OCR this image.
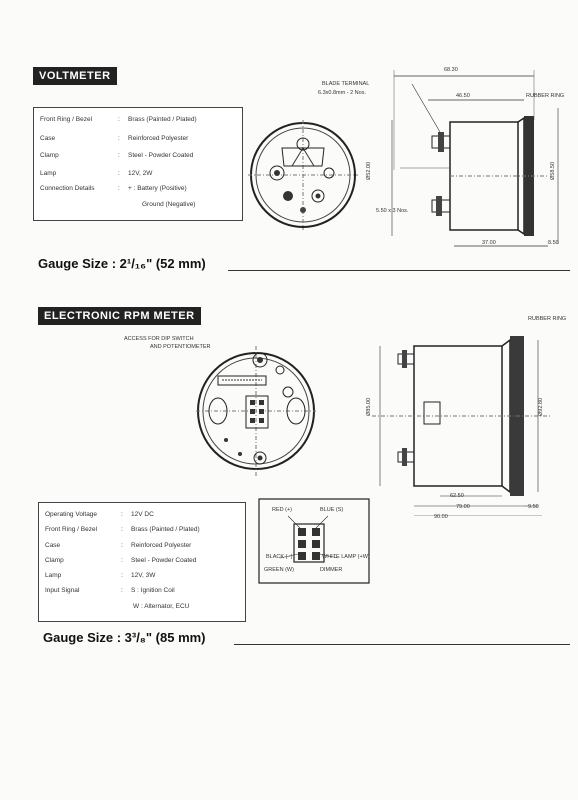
VOLTMETER
Front Ring / Bezel	: Brass (Painted / Plated)
Case	: Reinforced Polyester
Clamp	: Steel - Powder Coated
Lamp	: 12V, 2W
Connection Details	: + : Battery (Positive)
Ground (Negative)
68.30
BLADE TERMINAL
6.3x0.8mm - 2 Nos.	46.50	RUBBER RING
Ø52.00	Ø58.50
5.50 x 3 Nos.
37.00	8.50
Gauge Size : 2¹/₁₆" (52 mm)
ELECTRONIC RPM METER
ACCESS FOR DIP SWITCH
AND POTENTIOMETER
RUBBER RING
Ø85.00	Ø92.80
62.50
79.00	9.50
90.00
RED (+)	BLUE (S)
BLACK (−)	WHITE LAMP (+W)
GREEN (W)	DIMMER
Operating Voltage	: 12V DC
Front Ring / Bezel	: Brass (Painted / Plated)
Case	: Reinforced Polyester
Clamp	: Steel - Powder Coated
Lamp	: 12V, 3W
Input Signal	: S : Ignition Coil
W : Alternator, ECU
Gauge Size : 3³/₈" (85 mm)
